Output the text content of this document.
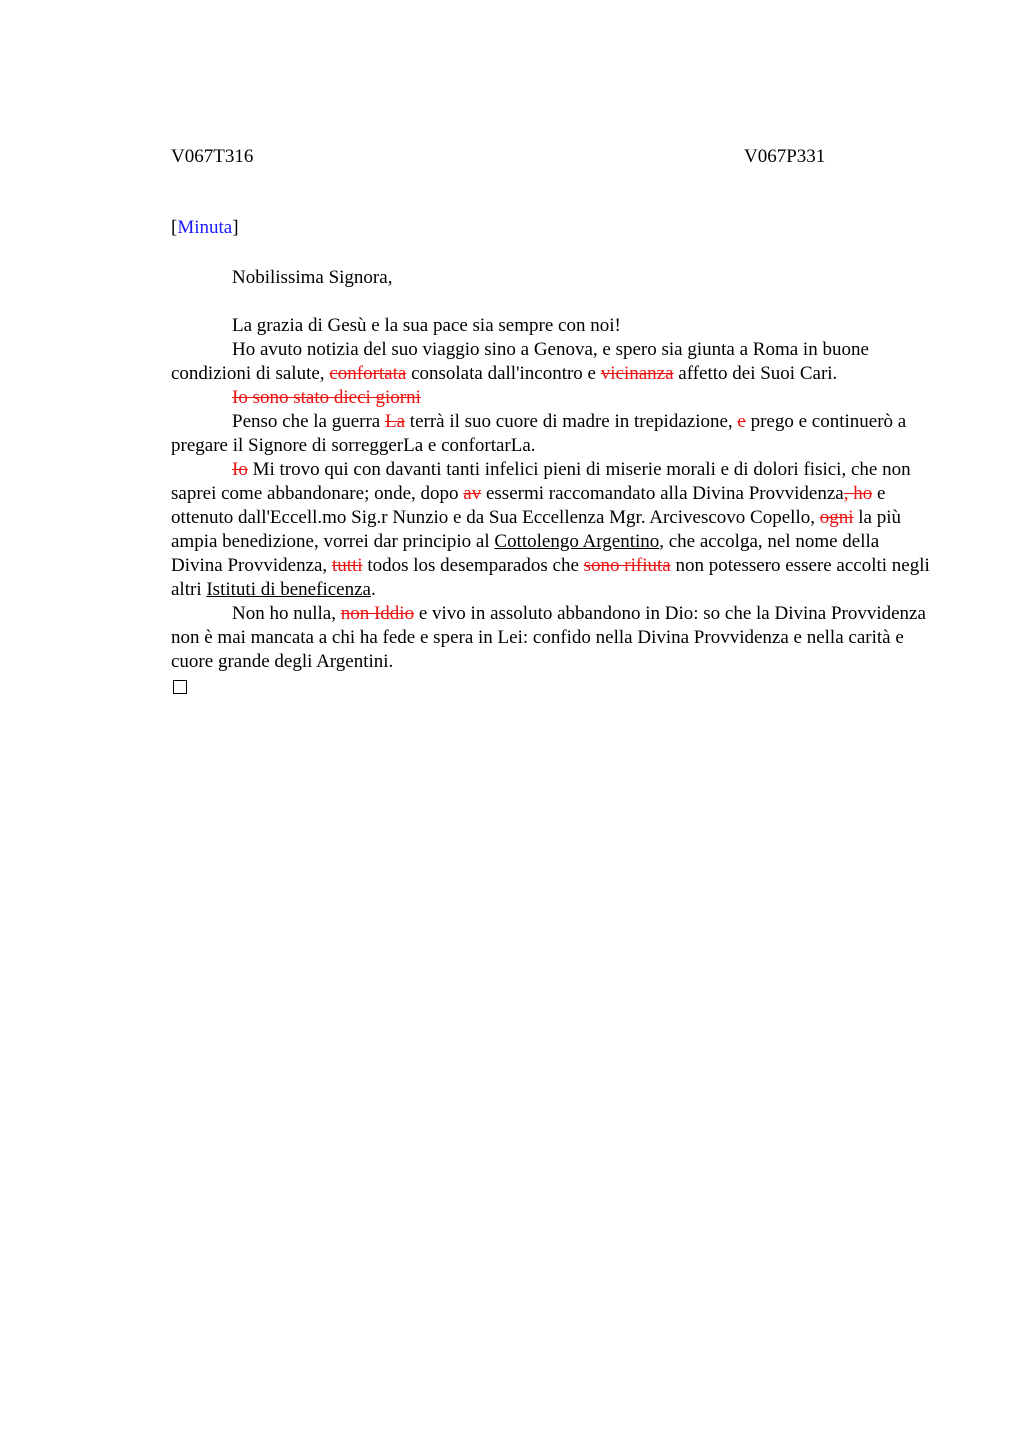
V067T316	V067P331
[Minuta]

Nobilissima Signora,

La grazia di Gesù e la sua pace sia sempre con noi!

Ho avuto notizia del suo viaggio sino a Genova, e spero sia giunta a Roma in buone condizioni di salute, confortata consolata dall'incontro e vicinanza affetto dei Suoi Cari.

Io sono stato dieci giorni

Penso che la guerra La terrà il suo cuore di madre in trepidazione, e prego e continuerò a pregare il Signore di sorreggerLa e confortarLa.

Io Mi trovo qui con davanti tanti infelici pieni di miserie morali e di dolori fisici, che non saprei come abbandonare; onde, dopo av essermi raccomandato alla Divina Provvidenza, ho e ottenuto dall'Eccell.mo Sig.r Nunzio e da Sua Eccellenza Mgr. Arcivescovo Copello, ogni la più ampia benedizione, vorrei dar principio al Cottolengo Argentino, che accolga, nel nome della Divina Provvidenza, tutti todos los desemparados che sono rifiuta non potessero essere accolti negli altri Istituti di beneficenza.

Non ho nulla, non Iddio e vivo in assoluto abbandono in Dio: so che la Divina Provvidenza non è mai mancata a chi ha fede e spera in Lei: confido nella Divina Provvidenza e nella carità e cuore grande degli Argentini.
